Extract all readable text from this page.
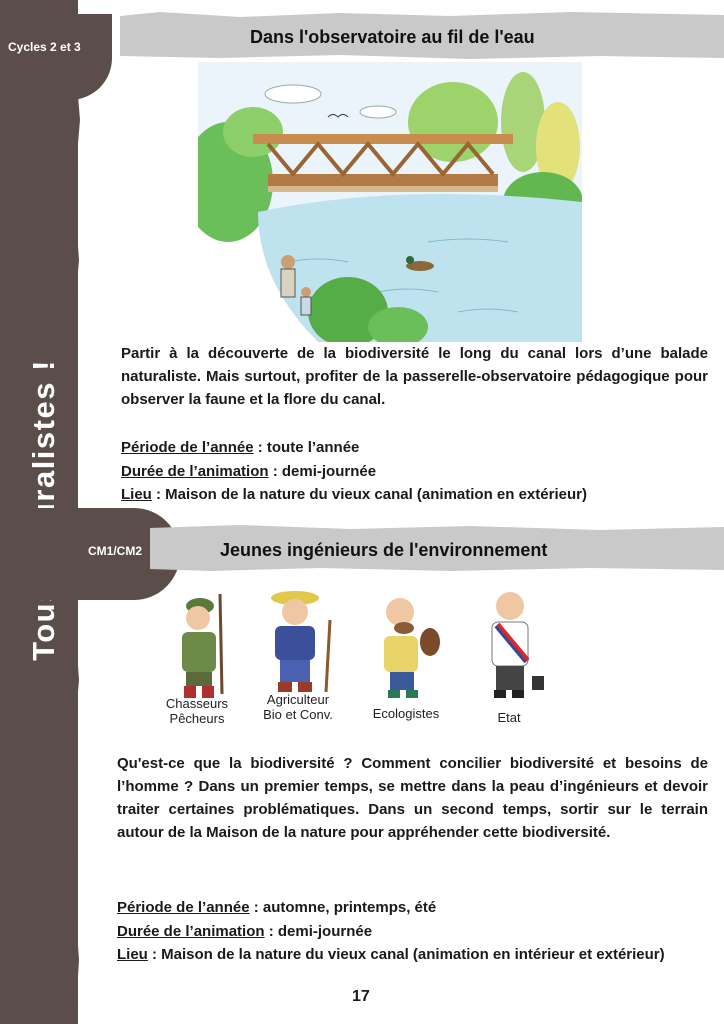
Cycles 2 et 3
CM1/CM2
Dans l'observatoire au fil de l'eau
Partir à la découverte de la biodiversité le long du canal lors d’une balade naturaliste. Mais surtout, profiter de la passerelle-observatoire pédagogique pour observer la faune et la flore du canal.
Période de l’année : toute l’année
Durée de l’animation : demi-journée
Lieu : Maison de la nature du vieux canal (animation en extérieur)
Jeunes ingénieurs de l'environnement
Chasseurs
Pêcheurs
Agriculteur
Bio et Conv.	Ecologistes	Etat
Qu'est-ce que la biodiversité ? Comment concilier biodiversité et besoins de l’homme ? Dans un premier temps, se mettre dans la peau d’ingénieurs et devoir traiter certaines problématiques. Dans un second temps, sortir sur le terrain autour de la Maison de la nature pour appréhender cette biodiversité.
Période de l’année : automne, printemps, été
Durée de l’animation : demi-journée
Lieu : Maison de la nature du vieux canal (animation en intérieur et extérieur)
17
